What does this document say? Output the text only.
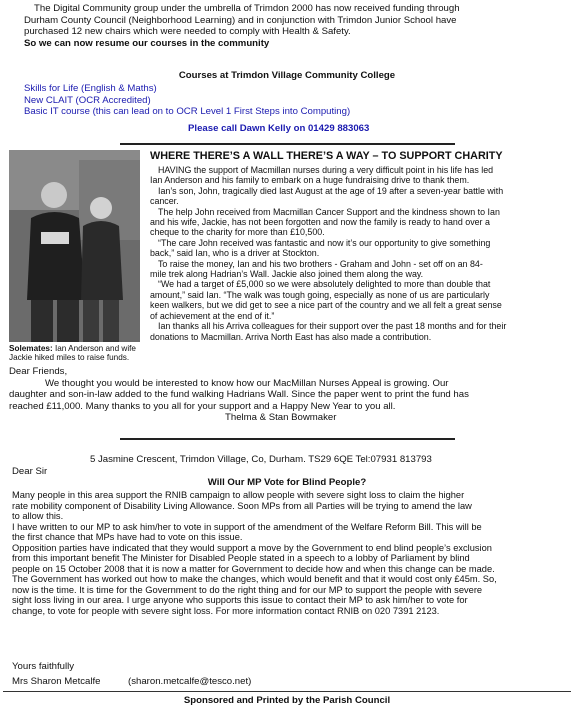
The Digital Community group under the umbrella of Trimdon 2000 has now received funding through
Durham County Council (Neighborhood Learning) and in conjunction with Trimdon Junior School have
purchased 12 new chairs which were needed to comply with Health & Safety.
So we can now resume our courses in the community
Courses at Trimdon Village Community College
Skills for Life (English & Maths)
New CLAIT (OCR Accredited)
Basic IT course (this can lead on to OCR Level 1 First Steps into Computing)
Please call Dawn Kelly on 01429 883063
Solemates: Ian Anderson and wife
Jackie hiked miles to raise funds.
WHERE THERE’S A WALL THERE’S A WAY – TO SUPPORT CHARITY
HAVING the support of Macmillan nurses during a very difficult point in his life has led
Ian Anderson and his family to embark on a huge fundraising drive to thank them.
Ian’s son, John, tragically died last August at the age of 19 after a seven-year battle with
cancer.
The help John received from Macmillan Cancer Support and the kindness shown to Ian
and his wife, Jackie, has not been forgotten and now the family is ready to hand over a
cheque to the charity for more than £10,500.
“The care John received was fantastic and now it’s our opportunity to give something
back,” said Ian, who is a driver at Stockton.
To raise the money, Ian and his two brothers - Graham and John - set off on an 84-
mile trek along Hadrian’s Wall. Jackie also joined them along the way.
“We had a target of £5,000 so we were absolutely delighted to more than double that
amount,” said Ian. “The walk was tough going, especially as none of us are particularly
keen walkers, but we did get to see a nice part of the country and we all felt a great sense
of achievement at the end of it.”
Ian thanks all his Arriva colleagues for their support over the past 18 months and for their
donations to Macmillan. Arriva North East has also made a contribution.
Dear Friends,
We thought you would be interested to know how our MacMillan Nurses Appeal is growing. Our
daughter and son-in-law added to the fund walking Hadrians Wall. Since the paper went to print the fund has
reached £11,000. Many thanks to you all for your support and a Happy New Year to you all.
Thelma & Stan Bowmaker
5 Jasmine Crescent, Trimdon Village, Co, Durham. TS29 6QE Tel:07931 813793
Dear Sir
Will Our MP Vote for Blind People?
Many people in this area support the RNIB campaign to allow people with severe sight loss to claim the higher
rate mobility component of Disability Living Allowance. Soon MPs from all Parties will be trying to amend the law
to allow this.
I have written to our MP to ask him/her to vote in support of the amendment of the Welfare Reform Bill. This will be
the first chance that MPs have had to vote on this issue.
Opposition parties have indicated that they would support a move by the Government to end blind people’s exclusion
from this important benefit The Minister for Disabled People stated in a speech to a lobby of Parliament by blind
people on 15 October 2008 that it is now a matter for Government to decide how and when this change can be made.
The Government has worked out how to make the changes, which would benefit and that it would cost only £45m. So,
now is the time. It is time for the Government to do the right thing and for our MP to support the people with severe
sight loss living in our area. I urge anyone who supports this issue to contact their MP to ask him/her to vote for
change, to vote for people with severe sight loss. For more information contact RNIB on 020 7391 2123.
Yours faithfully
Mrs Sharon Metcalfe	(sharon.metcalfe@tesco.net)
Sponsored and Printed by the Parish Council
